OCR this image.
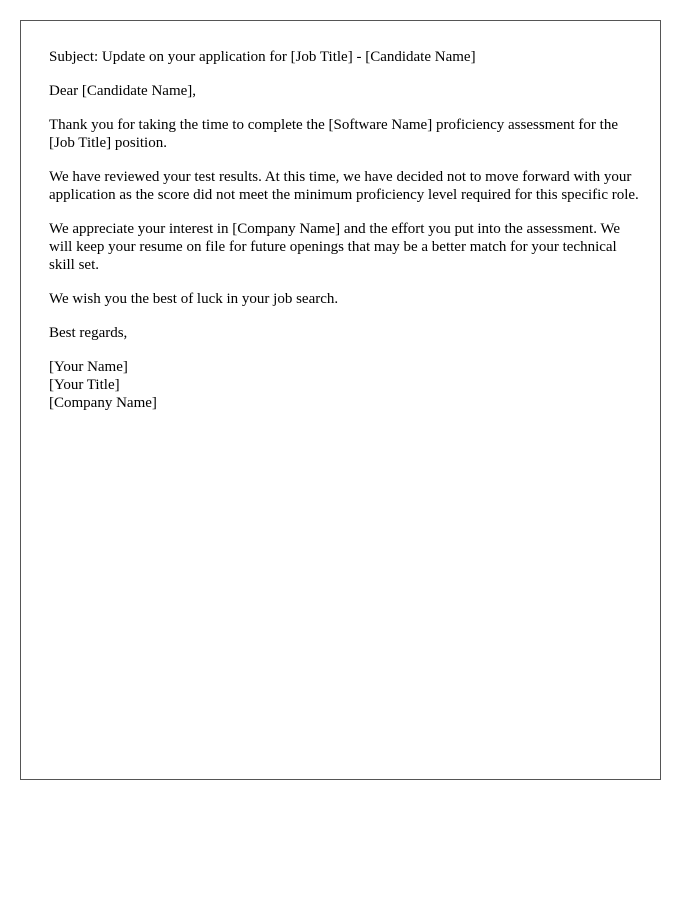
Subject: Update on your application for [Job Title] - [Candidate Name]

Dear [Candidate Name],

Thank you for taking the time to complete the [Software Name] proficiency assessment for the [Job Title] position.

We have reviewed your test results. At this time, we have decided not to move forward with your application as the score did not meet the minimum proficiency level required for this specific role.

We appreciate your interest in [Company Name] and the effort you put into the assessment. We will keep your resume on file for future openings that may be a better match for your technical skill set.

We wish you the best of luck in your job search.

Best regards,

[Your Name]
[Your Title]
[Company Name]
